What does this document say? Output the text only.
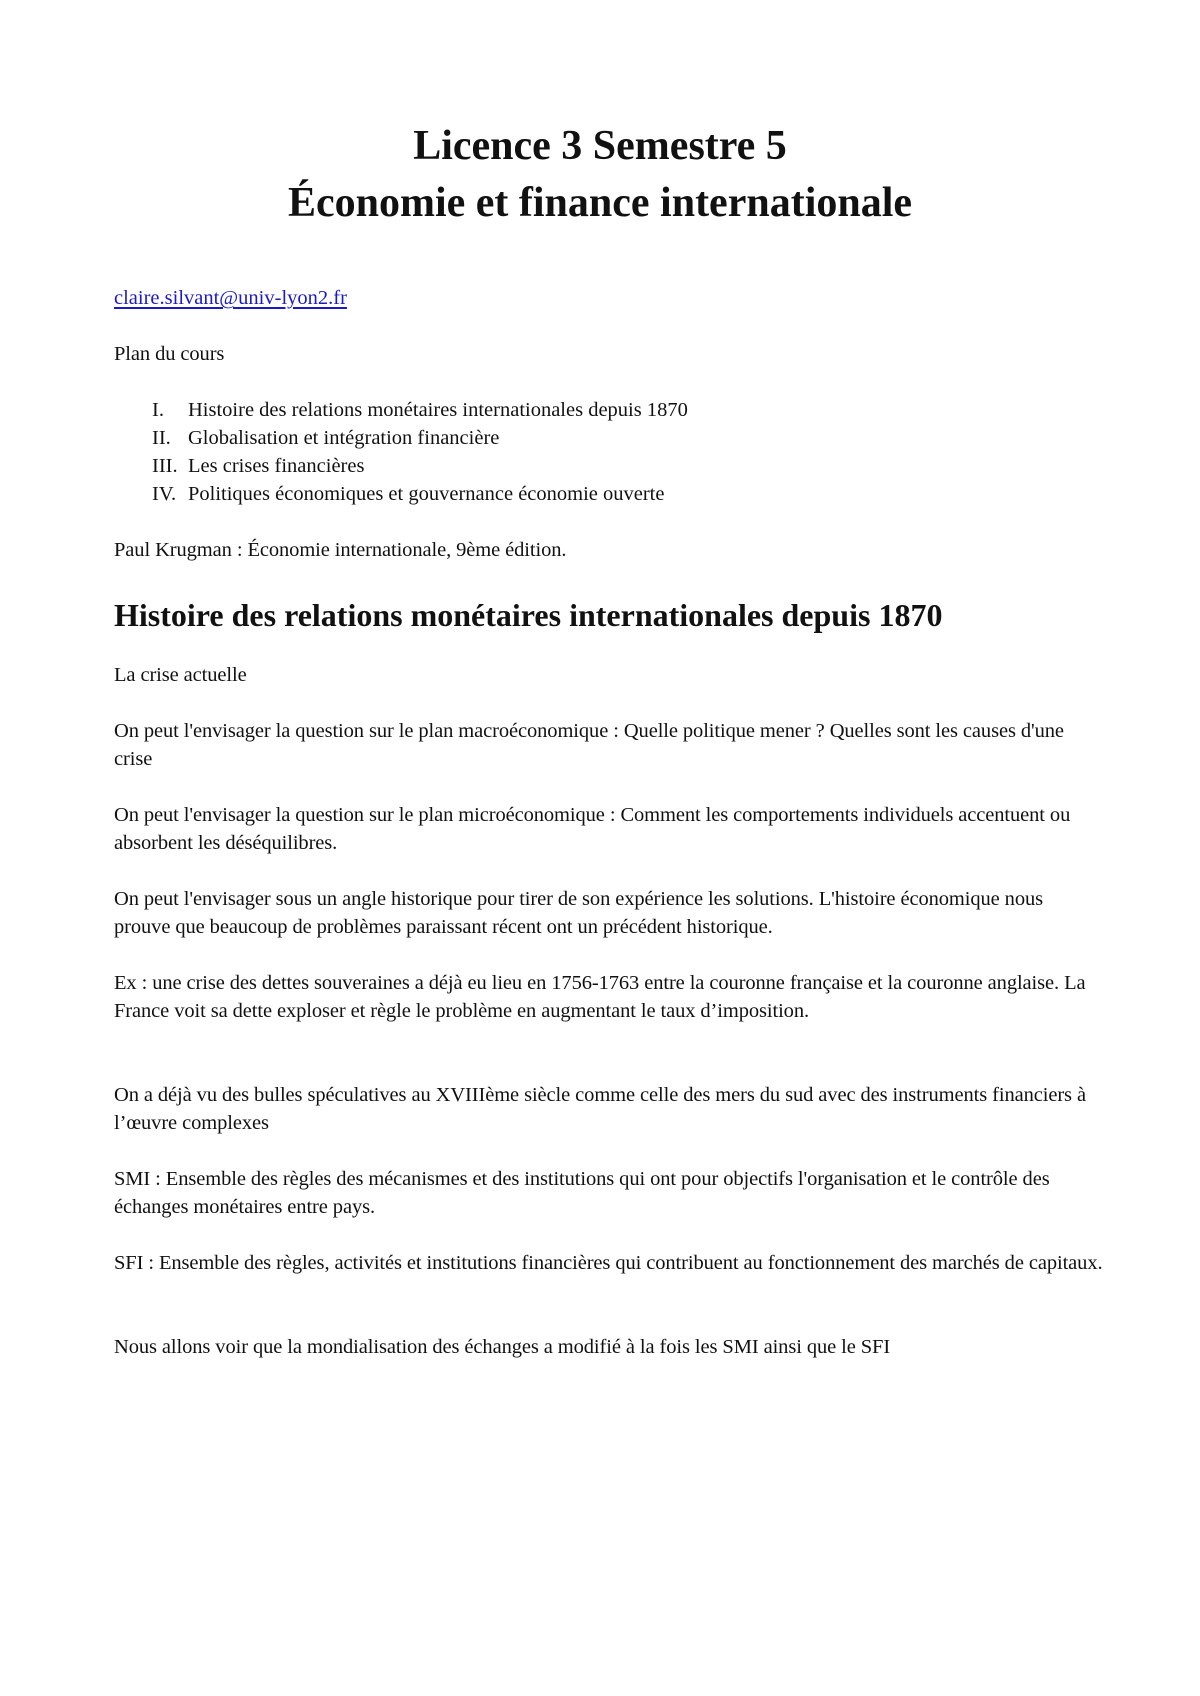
Licence 3 Semestre 5
Économie et finance internationale
claire.silvant@univ-lyon2.fr

Plan du cours

I.	Histoire des relations monétaires internationales depuis 1870
II. Globalisation et intégration financière
III. Les crises financières
IV. Politiques économiques et gouvernance économie ouverte

Paul Krugman : Économie internationale, 9ème édition.

Histoire des relations monétaires internationales depuis 1870

La crise actuelle

On peut l'envisager la question sur le plan macroéconomique : Quelle politique mener ? Quelles sont les causes d'une crise

On peut l'envisager la question sur le plan microéconomique : Comment les comportements individuels accentuent ou absorbent les déséquilibres.

On peut l'envisager sous un angle historique pour tirer de son expérience les solutions. L'histoire économique nous prouve que beaucoup de problèmes paraissant récent ont un précédent historique.

Ex : une crise des dettes souveraines a déjà eu lieu en 1756-1763 entre la couronne française et la couronne anglaise. La France voit sa dette exploser et règle le problème en augmentant le taux d’imposition.

On a déjà vu des bulles spéculatives au XVIIIème siècle comme celle des mers du sud avec des instruments financiers à l’œuvre complexes

SMI : Ensemble des règles des mécanismes et des institutions qui ont pour objectifs l'organisation et le contrôle des échanges monétaires entre pays.

SFI : Ensemble des règles, activités et institutions financières qui contribuent au fonctionnement des marchés de capitaux.

Nous allons voir que la mondialisation des échanges a modifié à la fois les SMI ainsi que le SFI
